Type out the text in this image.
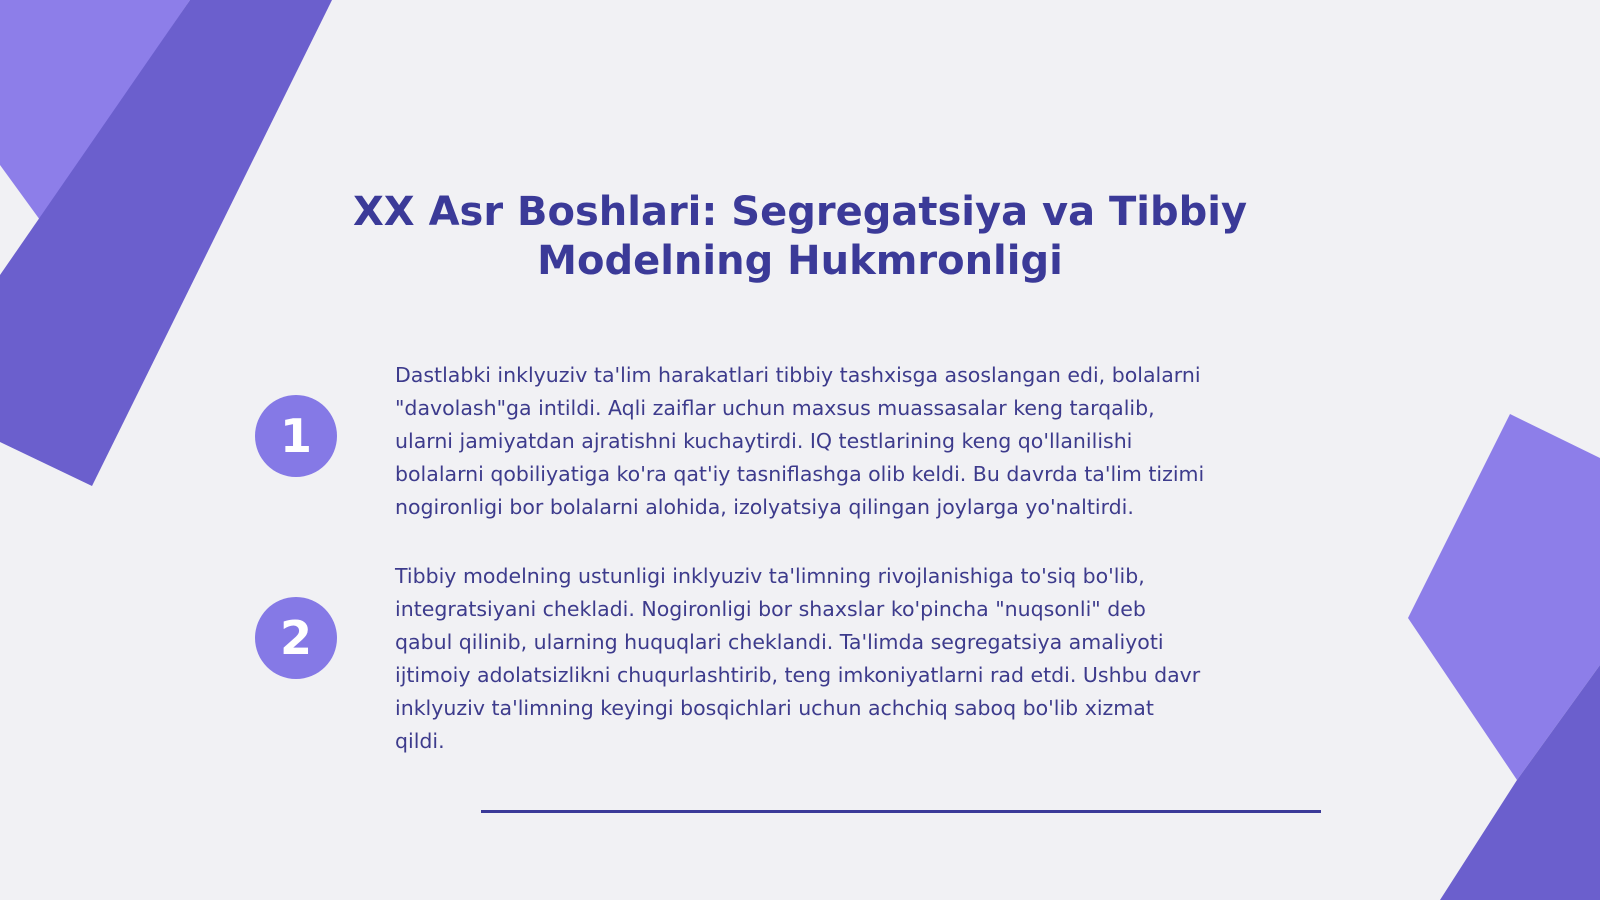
XX Asr Boshlari: Segregatsiya va Tibbiy
Modelning Hukmronligi
1

Dastlabki inklyuziv ta'lim harakatlari tibbiy tashxisga asoslangan edi, bolalarni "davolash"ga intildi. Aqli zaiflar uchun maxsus muassasalar keng tarqalib, ularni jamiyatdan ajratishni kuchaytirdi. IQ testlarining keng qo'llanilishi bolalarni qobiliyatiga ko'ra qat'iy tasniflashga olib keldi. Bu davrda ta'lim tizimi nogironligi bor bolalarni alohida, izolyatsiya qilingan joylarga yo'naltirdi.

2

Tibbiy modelning ustunligi inklyuziv ta'limning rivojlanishiga to'siq bo'lib, integratsiyani chekladi. Nogironligi bor shaxslar ko'pincha "nuqsonli" deb qabul qilinib, ularning huquqlari cheklandi. Ta'limda segregatsiya amaliyoti ijtimoiy adolatsizlikni chuqurlashtirib, teng imkoniyatlarni rad etdi. Ushbu davr inklyuziv ta'limning keyingi bosqichlari uchun achchiq saboq bo'lib xizmat qildi.
